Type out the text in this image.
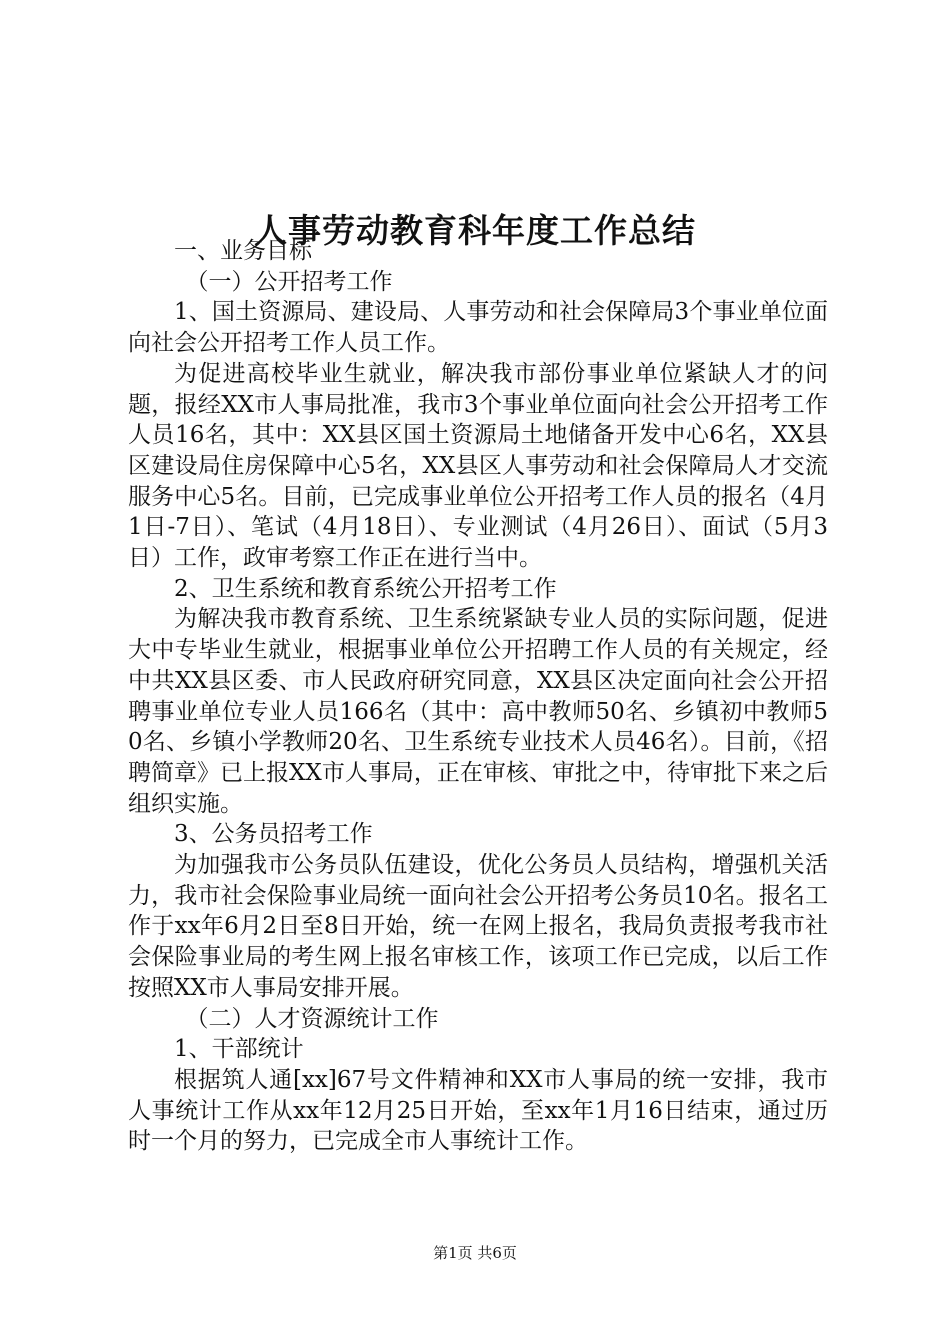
人事劳动教育科年度工作总结

一、业务目标

（一）公开招考工作

1、国土资源局、建设局、人事劳动和社会保障局3个事业单位面向社会公开招考工作人员工作。

为促进高校毕业生就业，解决我市部份事业单位紧缺人才的问题，报经XX市人事局批准，我市3个事业单位面向社会公开招考工作人员16名，其中：XX县区国土资源局土地储备开发中心6名，XX县区建设局住房保障中心5名，XX县区人事劳动和社会保障局人才交流服务中心5名。目前，已完成事业单位公开招考工作人员的报名（4月1日-7日）、笔试（4月18日）、专业测试（4月26日）、面试（5月3日）工作，政审考察工作正在进行当中。

2、卫生系统和教育系统公开招考工作

为解决我市教育系统、卫生系统紧缺专业人员的实际问题，促进大中专毕业生就业，根据事业单位公开招聘工作人员的有关规定，经中共XX县区委、市人民政府研究同意，XX县区决定面向社会公开招聘事业单位专业人员166名（其中：高中教师50名、乡镇初中教师50名、乡镇小学教师20名、卫生系统专业技术人员46名）。目前，《招聘简章》已上报XX市人事局，正在审核、审批之中，待审批下来之后组织实施。

3、公务员招考工作

为加强我市公务员队伍建设，优化公务员人员结构，增强机关活力，我市社会保险事业局统一面向社会公开招考公务员10名。报名工作于xx年6月2日至8日开始，统一在网上报名，我局负责报考我市社会保险事业局的考生网上报名审核工作，该项工作已完成，以后工作按照XX市人事局安排开展。

（二）人才资源统计工作

1、干部统计

根据筑人通[xx]67号文件精神和XX市人事局的统一安排，我市人事统计工作从xx年12月25日开始，至xx年1月16日结束，通过历时一个月的努力，已完成全市人事统计工作。

第1页 共6页
